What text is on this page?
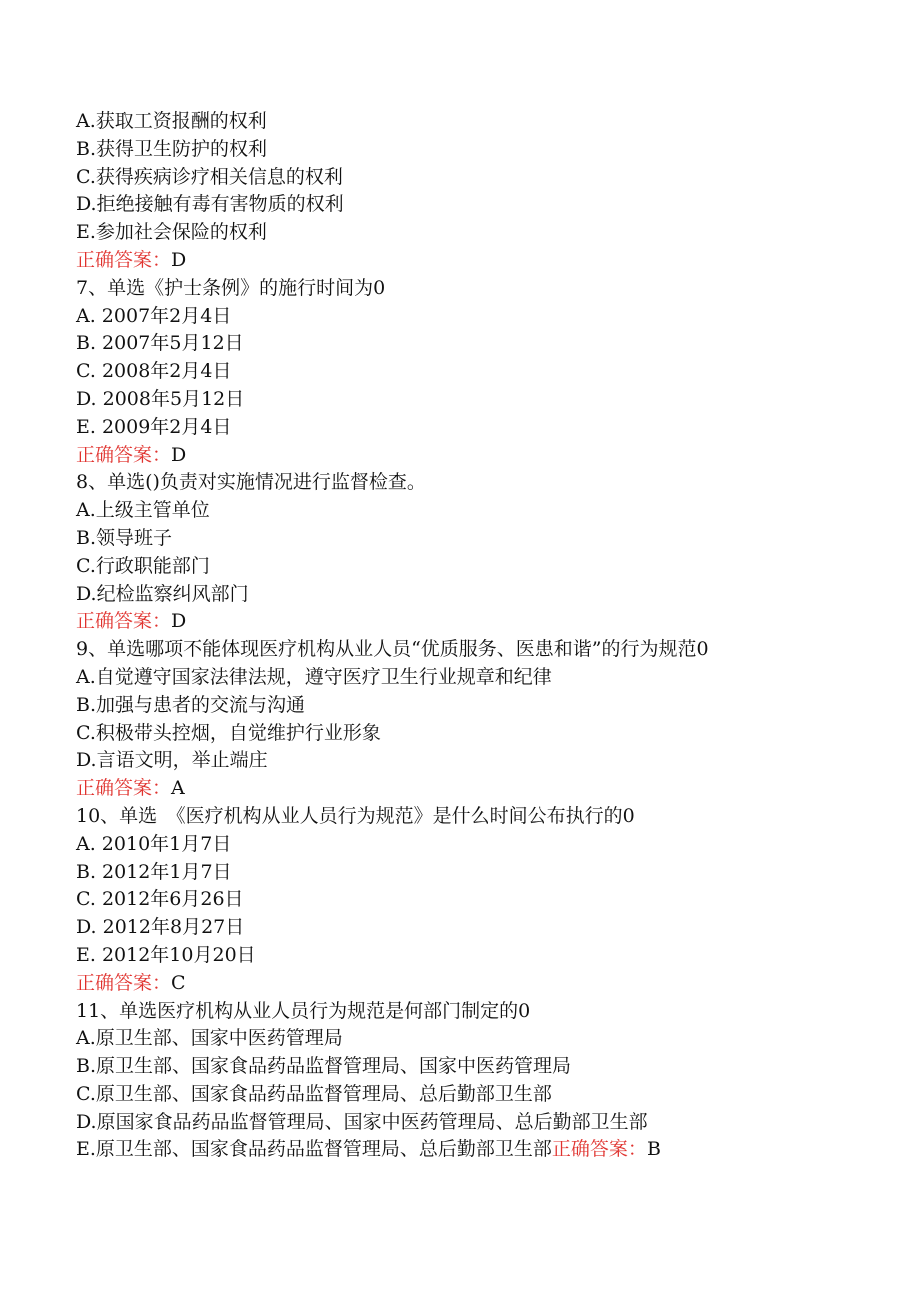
A.获取工资报酬的权利
B.获得卫生防护的权利
C.获得疾病诊疗相关信息的权利
D.拒绝接触有毒有害物质的权利
E.参加社会保险的权利
正确答案：D
7、单选《护士条例》的施行时间为0
A. 2007年2月4日
B. 2007年5月12日
C. 2008年2月4日
D. 2008年5月12日
E. 2009年2月4日
正确答案：D
8、单选()负责对实施情况进行监督检查。
A.上级主管单位
B.领导班子
C.行政职能部门
D.纪检监察纠风部门
正确答案：D
9、单选哪项不能体现医疗机构从业人员“优质服务、医患和谐”的行为规范0
A.自觉遵守国家法律法规，遵守医疗卫生行业规章和纪律
B.加强与患者的交流与沟通
C.积极带头控烟，自觉维护行业形象
D.言语文明，举止端庄
正确答案：A
10、单选　《医疗机构从业人员行为规范》是什么时间公布执行的0
A. 2010年1月7日
B. 2012年1月7日
C. 2012年6月26日
D. 2012年8月27日
E. 2012年10月20日
正确答案：C
11、单选医疗机构从业人员行为规范是何部门制定的0
A.原卫生部、国家中医药管理局
B.原卫生部、国家食品药品监督管理局、国家中医药管理局
C.原卫生部、国家食品药品监督管理局、总后勤部卫生部
D.原国家食品药品监督管理局、国家中医药管理局、总后勤部卫生部
E.原卫生部、国家食品药品监督管理局、总后勤部卫生部正确答案：B
